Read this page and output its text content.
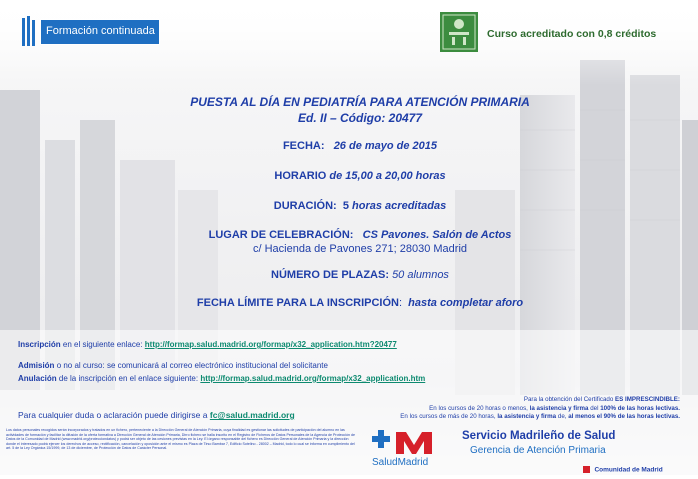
Formación continuada	Curso acreditado con 0,8 créditos
PUESTA AL DÍA EN PEDIATRÍA PARA ATENCIÓN PRIMARIA
Ed. II – Código: 20477
FECHA: 26 de mayo de 2015
HORARIO de 15,00 a 20,00 horas
DURACIÓN: 5 horas acreditadas
LUGAR DE CELEBRACIÓN: CS Pavones. Salón de Actos
c/ Hacienda de Pavones 271; 28030 Madrid
NÚMERO DE PLAZAS: 50 alumnos
FECHA LÍMITE PARA LA INSCRIPCIÓN: hasta completar aforo
Inscripción en el siguiente enlace: http://formap.salud.madrid.org/formap/x32_application.htm?20477
Admisión o no al curso: se comunicará al correo electrónico institucional del solicitante
Anulación de la inscripción en el enlace siguiente: http://formap.salud.madrid.org/formap/x32_application.htm
Para cualquier duda o aclaración puede dirigirse a fc@salud.madrid.org
Para la obtención del Certificado ES IMPRESCINDIBLE:
En los cursos de 20 horas o menos, la asistencia y firma del 100% de las horas lectivas.
En los cursos de más de 20 horas, la asistencia y firma de, al menos el 90% de las horas lectivas.
Los datos personales recogidos serán incorporados y tratados en un fichero, perteneciente a la Dirección General de Atención Primaria, cuya finalidad es gestionar las solicitudes de participación del alumno en las actividades de formación y facilitar la difusión de la oferta formativa a Dirección General de Atención Primaria, Dirro fichero se halla inscrito en el Registro de Ficheros de Datos Personales de la Agencia de Protección de Datos de la Comunidad de Madrid (www.madrid.org/protecciondatos) y podrá ser objeto de las cesiones previstas en la Ley. El órgano responsable del fichero es Dirección General de Atención Primaria y la dirección donde el interesado podrá ejercer los derechos de acceso, rectificación, cancelación y oposición ante el mismo es Plaza de Tirso Bambar 7, Edificio Sotelino - 28002 – Madrid, todo lo cual se informa en cumplimiento del art. 5 de la Ley Orgánica 15/1999, de 13 de diciembre, de Protección de Datos de Carácter Personal.
SaludMadrid
Servicio Madrileño de Salud
Gerencia de Atención Primaria
Comunidad de Madrid
